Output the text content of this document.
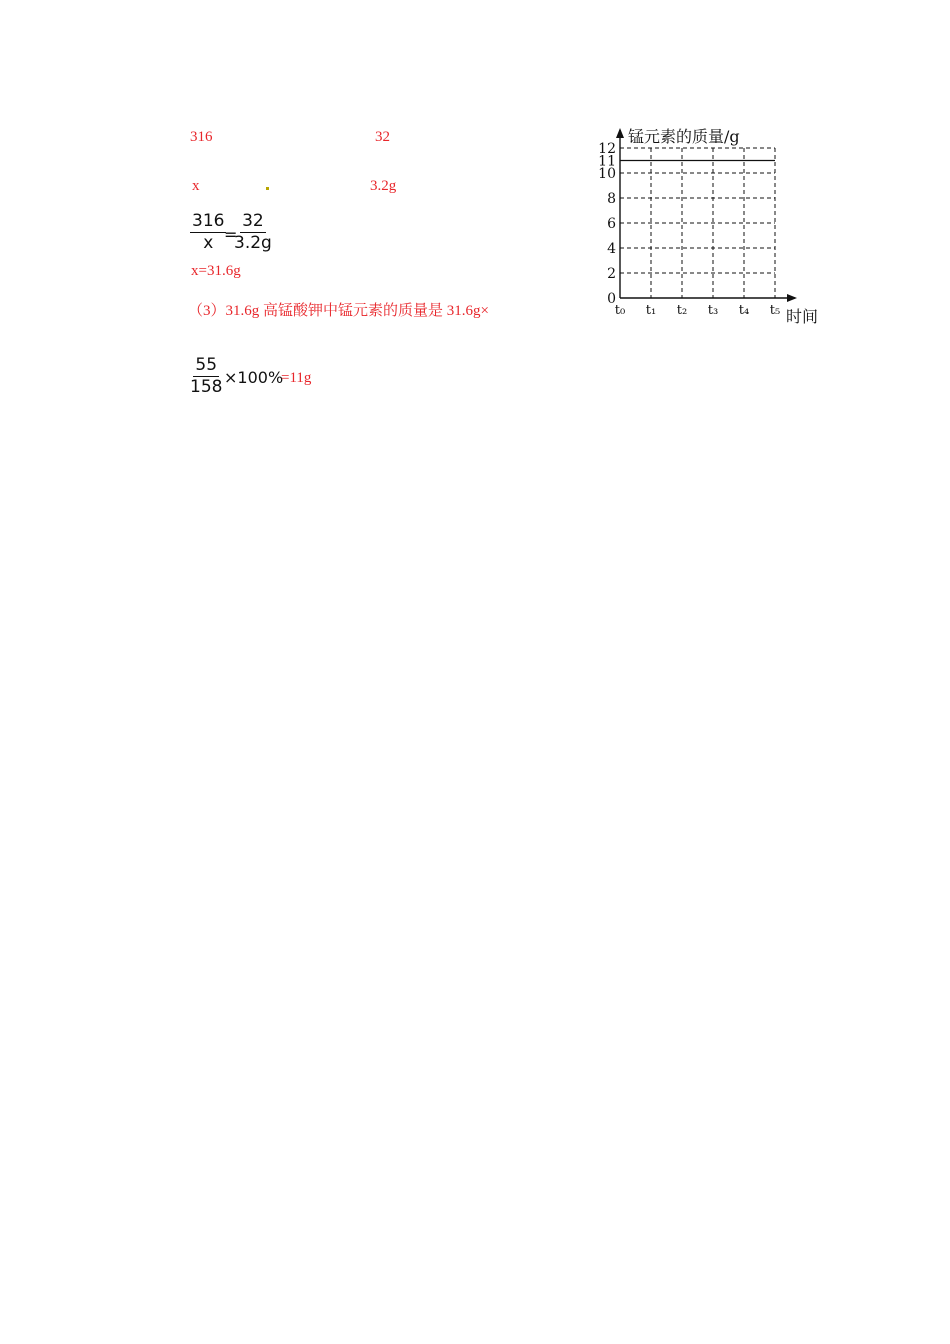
316	32
x	3.2g
$\frac{316}{x}$
=
$\frac{32}{3.2g}$
x=31.6g
（3）31.6g 高锰酸钾中锰元素的质量是 31.6g×
$\frac{55}{158} \times 100\%$
=11g
锰元素的质量/g
时间
0
2
4
6
8
10
11
12
t₀ t₁ t₂ t₃ t₄ t₅
